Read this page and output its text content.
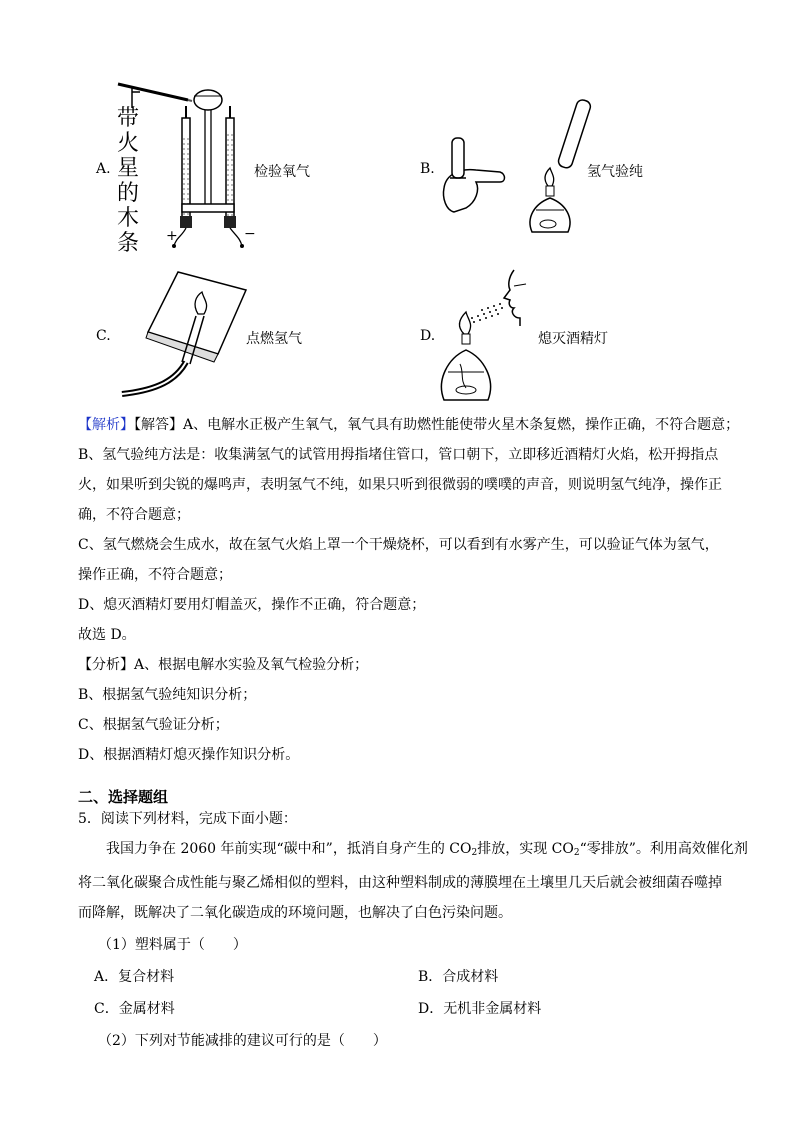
A.
带
火
星
的
木
条 +	−
检验氧气	B.	氢气验纯
C.	点燃氢气	D.	熄灭酒精灯
【解析】【解答】A、电解水正极产生氧气，氧气具有助燃性能使带火星木条复燃，操作正确，不符合题意；
B、氢气验纯方法是：收集满氢气的试管用拇指堵住管口，管口朝下，立即移近酒精灯火焰，松开拇指点
火，如果听到尖锐的爆鸣声，表明氢气不纯，如果只听到很微弱的噗噗的声音，则说明氢气纯净，操作正
确，不符合题意；
C、氢气燃烧会生成水，故在氢气火焰上罩一个干燥烧杯，可以看到有水雾产生，可以验证气体为氢气，
操作正确，不符合题意；
D、熄灭酒精灯要用灯帽盖灭，操作不正确，符合题意；
故选 D。
【分析】A、根据电解水实验及氧气检验分析；
B、根据氢气验纯知识分析；
C、根据氢气验证分析；
D、根据酒精灯熄灭操作知识分析。
二、选择题组
5．阅读下列材料，完成下面小题：
我国力争在 2060 年前实现“碳中和”，抵消自身产生的 $CO_2$排放，实现 $CO_2“$零排放”。利用高效催化剂
将二氧化碳聚合成性能与聚乙烯相似的塑料，由这种塑料制成的薄膜埋在土壤里几天后就会被细菌吞噬掉
而降解，既解决了二氧化碳造成的环境问题，也解决了白色污染问题。
（1）塑料属于（　　）
A．复合材料	B．合成材料
C．金属材料	D．无机非金属材料
（2）下列对节能减排的建议可行的是（　　）
